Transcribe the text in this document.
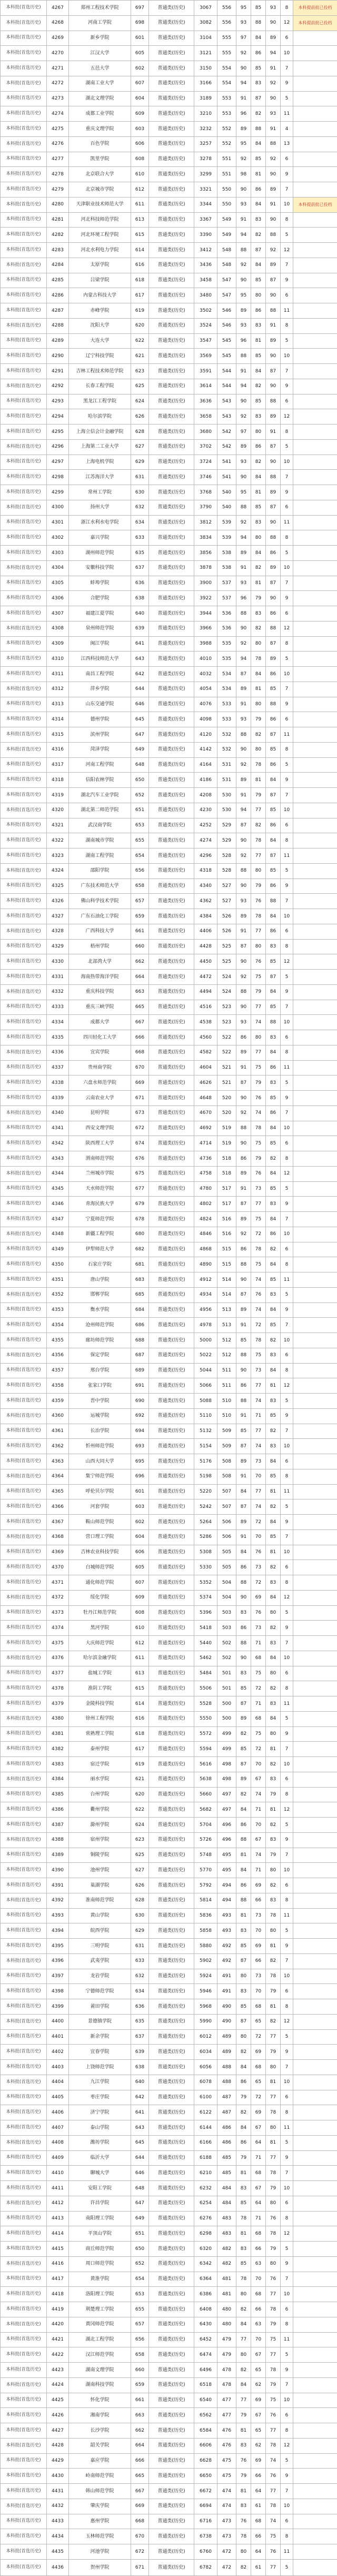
本科批(首选历史)	4267	郑州工程技术学院	697	普通类(历史)	3067	556	95	85	93	8	本科提前批已投档
本科批(首选历史)	4268	河南工学院	698	普通类(历史)	3082	556	93	88	90	12	本科提前批已投档
本科批(首选历史)	4269	新乡学院	601	普通类(历史)	3104	555	97	84	89	6	
本科批(首选历史)	4270	江汉大学	605	普通类(历史)	3121	555	92	86	94	10	
本科批(首选历史)	4271	五邑大学	602	普通类(历史)	3150	554	90	85	91	7	
本科批(首选历史)	4272	湖南工业大学	607	普通类(历史)	3166	554	94	83	92	9	
本科批(首选历史)	4273	湖北文理学院	604	普通类(历史)	3189	553	91	87	90	5	
本科批(首选历史)	4274	成都工业学院	609	普通类(历史)	3210	553	96	82	93	11	
本科批(首选历史)	4275	重庆文理学院	603	普通类(历史)	3232	552	89	88	91	4	
本科批(首选历史)	4276	百色学院	606	普通类(历史)	3257	552	95	84	88	13	
本科批(首选历史)	4277	凯里学院	608	普通类(历史)	3278	551	92	85	92	6	
本科批(首选历史)	4278	北京联合大学	610	普通类(历史)	3299	551	98	81	90	9	
本科批(首选历史)	4279	北京城市学院	612	普通类(历史)	3321	550	90	86	89	7	
本科批(首选历史)	4280	天津职业技术师范大学	611	普通类(历史)	3344	550	93	84	91	10	本科提前批已投档
本科批(首选历史)	4281	河北科技师范学院	613	普通类(历史)	3367	549	91	83	90	8	
本科批(首选历史)	4282	河北环境工程学院	615	普通类(历史)	3390	549	94	82	88	5	
本科批(首选历史)	4283	河北水利电力学院	614	普通类(历史)	3412	548	88	87	92	12	
本科批(首选历史)	4284	太原学院	616	普通类(历史)	3436	548	92	84	89	7	
本科批(首选历史)	4285	吕梁学院	618	普通类(历史)	3458	547	90	85	87	9	
本科批(首选历史)	4286	内蒙古科技大学	617	普通类(历史)	3480	547	95	80	90	6	
本科批(首选历史)	4287	赤峰学院	619	普通类(历史)	3502	546	89	86	88	11	
本科批(首选历史)	4288	沈阳大学	620	普通类(历史)	3524	546	93	83	91	8	
本科批(首选历史)	4289	大连大学	622	普通类(历史)	3547	545	96	81	89	5	
本科批(首选历史)	4290	辽宁科技学院	621	普通类(历史)	3569	545	88	85	90	10	
本科批(首选历史)	4291	吉林工程技术师范学院	623	普通类(历史)	3591	544	91	84	87	7	
本科批(首选历史)	4292	长春工程学院	625	普通类(历史)	3614	544	94	82	90	9	
本科批(首选历史)	4293	黑龙江工程学院	624	普通类(历史)	3636	543	90	85	88	6	
本科批(首选历史)	4294	哈尔滨学院	626	普通类(历史)	3658	543	92	83	89	12	
本科批(首选历史)	4295	上海立信会计金融学院	628	普通类(历史)	3680	542	97	80	91	8	
本科批(首选历史)	4296	上海第二工业大学	627	普通类(历史)	3702	542	89	86	87	5	
本科批(首选历史)	4297	上海电机学院	629	普通类(历史)	3724	541	93	82	90	10	
本科批(首选历史)	4298	江苏海洋大学	631	普通类(历史)	3746	541	90	84	88	7	
本科批(首选历史)	4299	常州工学院	630	普通类(历史)	3768	540	95	81	89	9	
本科批(首选历史)	4300	扬州大学	632	普通类(历史)	3790	540	88	85	87	6	
本科批(首选历史)	4301	浙江水利水电学院	634	普通类(历史)	3812	539	92	83	90	11	
本科批(首选历史)	4302	嘉兴学院	633	普通类(历史)	3834	539	94	80	88	8	
本科批(首选历史)	4303	湖州师范学院	635	普通类(历史)	3856	538	89	84	86	5	
本科批(首选历史)	4304	安徽科技学院	637	普通类(历史)	3878	538	91	82	89	10	
本科批(首选历史)	4305	蚌埠学院	636	普通类(历史)	3900	537	93	81	87	7	
本科批(首选历史)	4306	合肥学院	638	普通类(历史)	3922	537	96	79	90	9	
本科批(首选历史)	4307	福建江夏学院	640	普通类(历史)	3944	536	88	83	86	6	
本科批(首选历史)	4308	泉州师范学院	639	普通类(历史)	3966	536	90	82	88	12	
本科批(首选历史)	4309	闽江学院	641	普通类(历史)	3988	535	92	80	87	8	
本科批(首选历史)	4310	江西科技师范大学	643	普通类(历史)	4010	535	94	78	89	5	
本科批(首选历史)	4311	南昌工程学院	642	普通类(历史)	4032	534	87	84	86	10	
本科批(首选历史)	4312	萍乡学院	644	普通类(历史)	4054	534	89	81	85	7	
本科批(首选历史)	4313	山东交通学院	646	普通类(历史)	4076	533	91	80	88	9	
本科批(首选历史)	4314	德州学院	645	普通类(历史)	4098	533	93	79	86	6	
本科批(首选历史)	4315	滨州学院	647	普通类(历史)	4120	532	88	82	87	11	
本科批(首选历史)	4316	菏泽学院	649	普通类(历史)	4142	532	90	80	85	8	
本科批(首选历史)	4317	河南工程学院	648	普通类(历史)	4164	531	92	78	86	5	
本科批(首选历史)	4318	信阳农林学院	650	普通类(历史)	4186	531	89	81	84	9	
本科批(首选历史)	4319	湖北汽车工业学院	652	普通类(历史)	4208	530	91	79	87	7	
本科批(首选历史)	4320	湖北第二师范学院	651	普通类(历史)	4230	530	94	77	85	10	
本科批(首选历史)	4321	武汉商学院	653	普通类(历史)	4252	529	87	82	86	6	
本科批(首选历史)	4322	湖南城市学院	655	普通类(历史)	4274	529	90	78	84	8	
本科批(首选历史)	4323	湖南工程学院	654	普通类(历史)	4296	528	92	77	87	11	
本科批(首选历史)	4324	邵阳学院	656	普通类(历史)	4318	528	88	80	85	5	
本科批(首选历史)	4325	广东技术师范大学	658	普通类(历史)	4340	527	90	79	86	9	
本科批(首选历史)	4326	佛山科学技术学院	657	普通类(历史)	4362	527	93	76	88	7	
本科批(首选历史)	4327	广东石油化工学院	659	普通类(历史)	4384	526	89	78	84	10	
本科批(首选历史)	4328	广西科技大学	661	普通类(历史)	4406	526	91	77	86	6	
本科批(首选历史)	4329	梧州学院	660	普通类(历史)	4428	525	87	80	83	8	
本科批(首选历史)	4330	北部湾大学	662	普通类(历史)	4450	525	90	76	85	12	
本科批(首选历史)	4331	海南热带海洋学院	664	普通类(历史)	4472	524	92	75	87	5	
本科批(首选历史)	4332	重庆科技学院	663	普通类(历史)	4494	524	88	79	84	9	
本科批(首选历史)	4333	重庆三峡学院	665	普通类(历史)	4516	523	90	77	85	7	
本科批(首选历史)	4334	成都大学	667	普通类(历史)	4538	523	93	74	88	10	
本科批(首选历史)	4335	四川轻化工大学	666	普通类(历史)	4560	522	86	80	83	6	
本科批(首选历史)	4336	宜宾学院	668	普通类(历史)	4582	522	89	77	84	8	
本科批(首选历史)	4337	贵州商学院	670	普通类(历史)	4604	521	91	75	86	11	
本科批(首选历史)	4338	六盘水师范学院	669	普通类(历史)	4626	521	87	79	83	5	
本科批(首选历史)	4339	云南农业大学	671	普通类(历史)	4648	520	90	76	85	9	
本科批(首选历史)	4340	昆明学院	673	普通类(历史)	4670	520	92	74	86	7	
本科批(首选历史)	4341	西安文理学院	672	普通类(历史)	4692	519	88	78	84	10	
本科批(首选历史)	4342	陕西理工大学	674	普通类(历史)	4714	519	90	75	85	6	
本科批(首选历史)	4343	渭南师范学院	676	普通类(历史)	4736	518	86	79	82	8	
本科批(首选历史)	4344	兰州城市学院	675	普通类(历史)	4758	518	89	76	84	12	
本科批(首选历史)	4345	天水师范学院	677	普通类(历史)	4780	517	91	73	85	5	
本科批(首选历史)	4346	青海民族大学	679	普通类(历史)	4802	517	87	77	83	9	
本科批(首选历史)	4347	宁夏师范学院	678	普通类(历史)	4824	516	89	75	84	7	
本科批(首选历史)	4348	新疆工程学院	680	普通类(历史)	4846	516	92	72	86	10	
本科批(首选历史)	4349	伊犁师范大学	682	普通类(历史)	4868	515	86	78	82	6	
本科批(首选历史)	4350	石家庄学院	681	普通类(历史)	4890	515	88	75	84	8	
本科批(首选历史)	4351	唐山学院	683	普通类(历史)	4912	514	90	74	85	11	
本科批(首选历史)	4352	邯郸学院	685	普通类(历史)	4934	514	87	76	83	5	
本科批(首选历史)	4353	衡水学院	684	普通类(历史)	4956	513	89	74	84	9	
本科批(首选历史)	4354	沧州师范学院	686	普通类(历史)	4978	513	91	72	85	7	
本科批(首选历史)	4355	廊坊师范学院	688	普通类(历史)	5000	512	85	78	82	10	
本科批(首选历史)	4356	保定学院	687	普通类(历史)	5022	512	88	75	83	6	
本科批(首选历史)	4357	邢台学院	689	普通类(历史)	5044	511	90	73	84	8	
本科批(首选历史)	4358	张家口学院	691	普通类(历史)	5066	511	86	77	81	12	
本科批(首选历史)	4359	晋中学院	690	普通类(历史)	5088	510	88	74	83	5	
本科批(首选历史)	4360	运城学院	692	普通类(历史)	5110	510	91	71	85	9	
本科批(首选历史)	4361	长治学院	694	普通类(历史)	5132	509	85	77	82	7	
本科批(首选历史)	4362	忻州师范学院	693	普通类(历史)	5154	509	87	74	83	10	
本科批(首选历史)	4363	山西大同大学	695	普通类(历史)	5176	508	89	73	84	6	
本科批(首选历史)	4364	集宁师范学院	696	普通类(历史)	5198	508	91	70	85	8	
本科批(首选历史)	4365	呼伦贝尔学院	601	普通类(历史)	5220	507	84	77	81	11	
本科批(首选历史)	4366	河套学院	603	普通类(历史)	5242	507	87	74	82	5	
本科批(首选历史)	4367	鞍山师范学院	602	普通类(历史)	5264	506	89	72	84	9	
本科批(首选历史)	4368	营口理工学院	604	普通类(历史)	5286	506	91	70	85	7	
本科批(首选历史)	4369	吉林农业科技学院	606	普通类(历史)	5308	505	84	76	81	10	
本科批(首选历史)	4370	白城师范学院	605	普通类(历史)	5330	505	86	73	82	6	
本科批(首选历史)	4371	通化师范学院	607	普通类(历史)	5352	504	88	72	83	8	
本科批(首选历史)	4372	绥化学院	609	普通类(历史)	5374	504	90	69	84	12	
本科批(首选历史)	4373	牡丹江师范学院	608	普通类(历史)	5396	503	83	76	80	5	
本科批(首选历史)	4374	黑河学院	610	普通类(历史)	5418	503	86	73	82	9	
本科批(首选历史)	4375	大庆师范学院	612	普通类(历史)	5440	502	88	71	83	7	
本科批(首选历史)	4376	哈尔滨金融学院	611	普通类(历史)	5462	502	90	68	84	10	
本科批(首选历史)	4377	盐城工学院	613	普通类(历史)	5484	501	83	75	80	6	
本科批(首选历史)	4378	淮阴工学院	615	普通类(历史)	5506	501	85	72	82	8	
本科批(首选历史)	4379	金陵科技学院	614	普通类(历史)	5528	500	87	71	83	11	
本科批(首选历史)	4380	徐州工程学院	616	普通类(历史)	5550	500	89	68	84	5	
本科批(首选历史)	4381	常熟理工学院	618	普通类(历史)	5572	499	82	75	80	9	
本科批(首选历史)	4382	泰州学院	617	普通类(历史)	5594	499	85	72	81	7	
本科批(首选历史)	4383	宿迁学院	619	普通类(历史)	5616	498	87	70	82	10	
本科批(首选历史)	4384	丽水学院	621	普通类(历史)	5638	498	89	67	83	6	
本科批(首选历史)	4385	台州学院	620	普通类(历史)	5660	497	82	74	79	8	
本科批(首选历史)	4386	衢州学院	622	普通类(历史)	5682	497	84	71	81	12	
本科批(首选历史)	4387	滁州学院	624	普通类(历史)	5704	496	86	70	82	5	
本科批(首选历史)	4388	宿州学院	623	普通类(历史)	5726	496	88	67	83	9	
本科批(首选历史)	4389	铜陵学院	625	普通类(历史)	5748	495	81	74	79	7	
本科批(首选历史)	4390	池州学院	627	普通类(历史)	5770	495	84	71	80	10	
本科批(首选历史)	4391	巢湖学院	626	普通类(历史)	5792	494	86	69	82	6	
本科批(首选历史)	4392	淮南师范学院	628	普通类(历史)	5814	494	88	66	83	8	
本科批(首选历史)	4393	黄山学院	630	普通类(历史)	5836	493	81	73	78	11	
本科批(首选历史)	4394	皖西学院	629	普通类(历史)	5858	493	83	70	80	5	
本科批(首选历史)	4395	三明学院	631	普通类(历史)	5880	492	85	69	81	9	
本科批(首选历史)	4396	武夷学院	633	普通类(历史)	5902	492	87	66	82	7	
本科批(首选历史)	4397	龙岩学院	632	普通类(历史)	5924	491	80	73	78	10	
本科批(首选历史)	4398	宁德师范学院	634	普通类(历史)	5946	491	83	70	79	6	
本科批(首选历史)	4399	莆田学院	636	普通类(历史)	5968	490	85	68	81	8	
本科批(首选历史)	4400	景德镇学院	635	普通类(历史)	5990	490	87	65	82	12	
本科批(首选历史)	4401	新余学院	637	普通类(历史)	6012	489	80	72	77	5	
本科批(首选历史)	4402	宜春学院	639	普通类(历史)	6034	489	82	69	79	9	
本科批(首选历史)	4403	上饶师范学院	638	普通类(历史)	6056	488	84	68	80	7	
本科批(首选历史)	4404	九江学院	640	普通类(历史)	6078	488	86	65	81	10	
本科批(首选历史)	4405	枣庄学院	642	普通类(历史)	6100	487	79	72	77	6	
本科批(首选历史)	4406	济宁学院	641	普通类(历史)	6122	487	82	69	78	8	
本科批(首选历史)	4407	泰山学院	643	普通类(历史)	6144	486	84	67	80	11	
本科批(首选历史)	4408	潍坊学院	645	普通类(历史)	6166	486	86	64	81	5	
本科批(首选历史)	4409	临沂大学	644	普通类(历史)	6188	485	79	71	77	9	
本科批(首选历史)	4410	聊城大学	646	普通类(历史)	6210	485	81	68	78	7	
本科批(首选历史)	4411	安阳工学院	648	普通类(历史)	6232	484	83	67	79	10	
本科批(首选历史)	4412	许昌学院	647	普通类(历史)	6254	484	85	64	80	6	
本科批(首选历史)	4413	南阳理工学院	649	普通类(历史)	6276	483	78	71	76	8	
本科批(首选历史)	4414	平顶山学院	651	普通类(历史)	6298	483	81	68	78	12	
本科批(首选历史)	4415	商丘师范学院	650	普通类(历史)	6320	482	83	66	79	5	
本科批(首选历史)	4416	周口师范学院	652	普通类(历史)	6342	482	85	63	80	9	
本科批(首选历史)	4417	黄淮学院	654	普通类(历史)	6364	481	78	70	76	7	
本科批(首选历史)	4418	洛阳理工学院	653	普通类(历史)	6386	481	80	68	77	10	
本科批(首选历史)	4419	荆楚理工学院	655	普通类(历史)	6408	480	82	66	78	6	
本科批(首选历史)	4420	黄冈师范学院	657	普通类(历史)	6430	480	84	63	79	8	
本科批(首选历史)	4421	湖北工程学院	656	普通类(历史)	6452	479	77	70	75	11	
本科批(首选历史)	4422	汉江师范学院	658	普通类(历史)	6474	479	80	67	77	5	
本科批(首选历史)	4423	湖南文理学院	660	普通类(历史)	6496	478	82	65	78	9	
本科批(首选历史)	4424	湖南科技学院	659	普通类(历史)	6518	478	84	62	79	7	
本科批(首选历史)	4425	怀化学院	661	普通类(历史)	6540	477	77	69	75	10	
本科批(首选历史)	4426	湘南学院	663	普通类(历史)	6562	477	79	67	76	6	
本科批(首选历史)	4427	长沙学院	662	普通类(历史)	6584	476	81	65	77	8	
本科批(首选历史)	4428	韶关学院	664	普通类(历史)	6606	476	83	62	78	12	
本科批(首选历史)	4429	嘉应学院	666	普通类(历史)	6628	475	76	69	74	5	
本科批(首选历史)	4430	岭南师范学院	665	普通类(历史)	6650	475	79	66	76	9	
本科批(首选历史)	4431	韩山师范学院	667	普通类(历史)	6672	474	81	64	77	7	
本科批(首选历史)	4432	肇庆学院	669	普通类(历史)	6694	474	83	61	78	10	
本科批(首选历史)	4433	惠州学院	668	普通类(历史)	6716	473	76	68	74	6	
本科批(首选历史)	4434	玉林师范学院	670	普通类(历史)	6738	473	78	66	75	8	
本科批(首选历史)	4435	河池学院	672	普通类(历史)	6760	472	80	64	76	11	
本科批(首选历史)	4436	贺州学院	671	普通类(历史)	6782	472	82	61	77	5	
